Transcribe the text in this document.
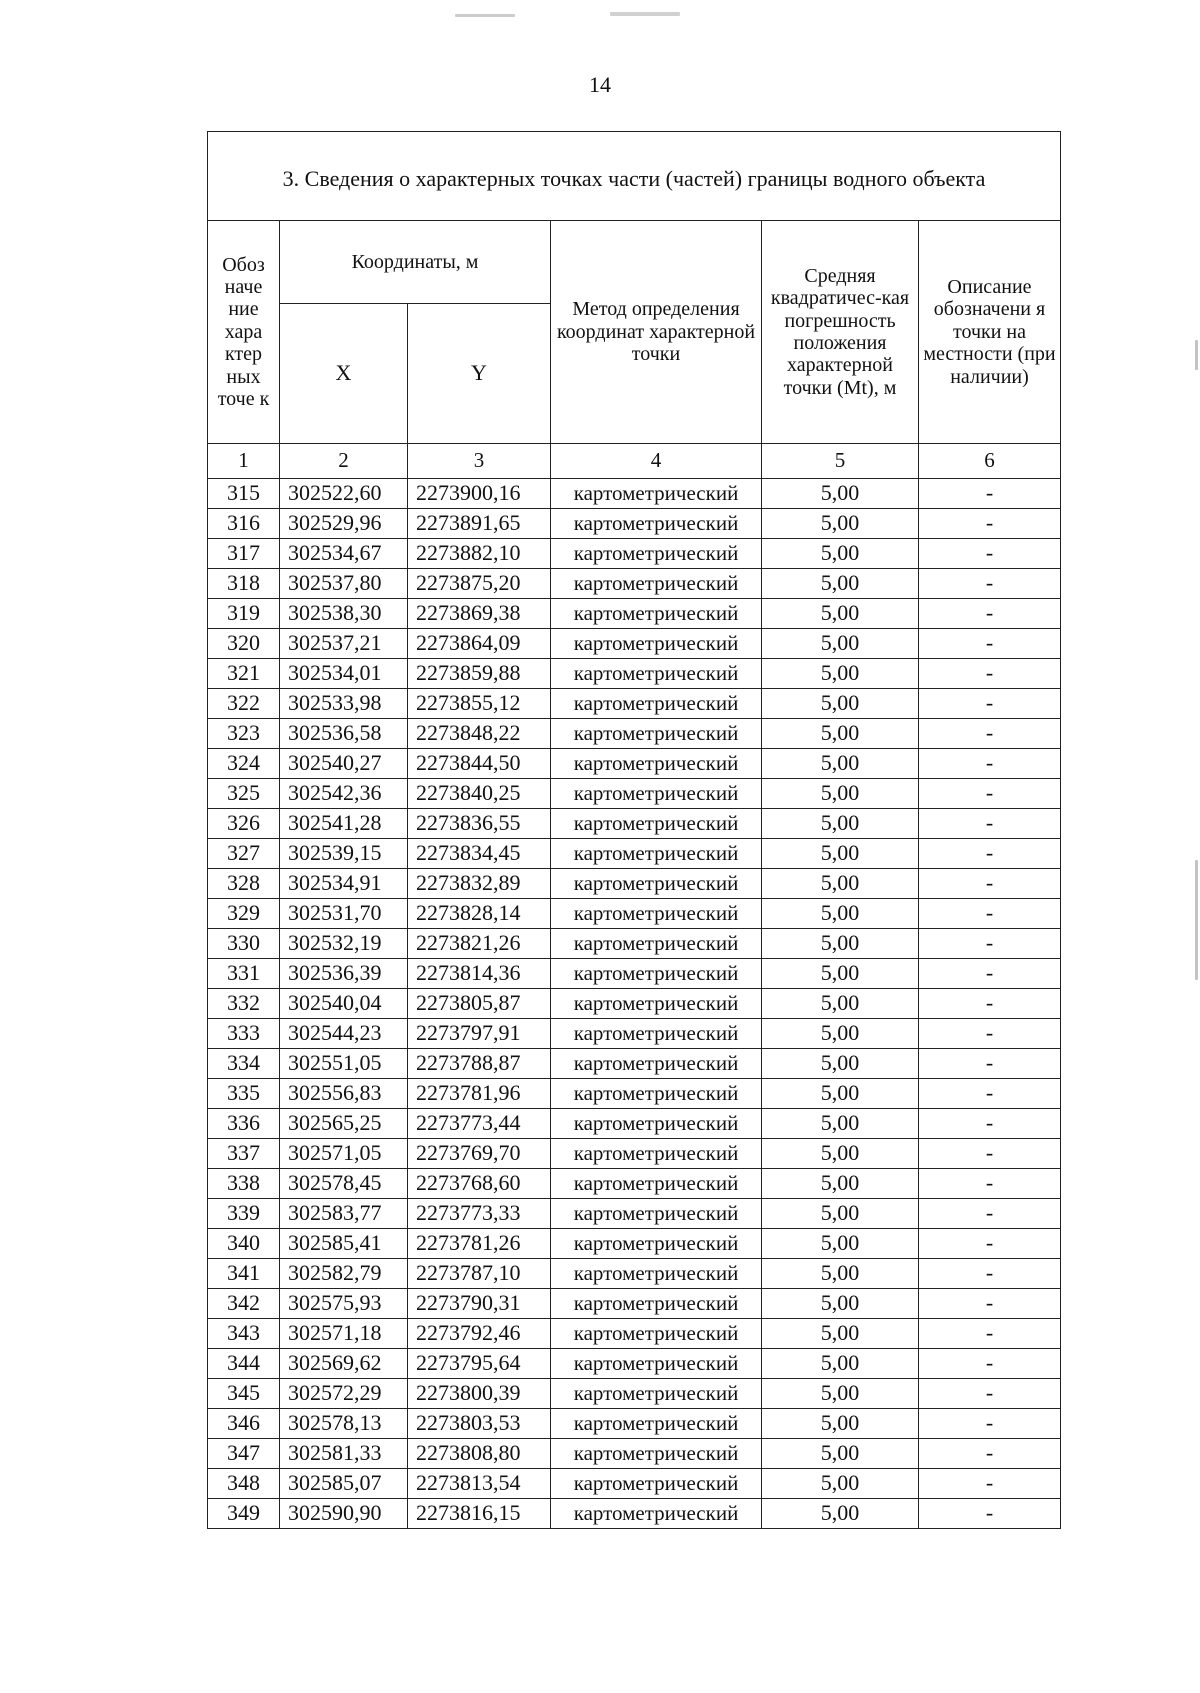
14
3. Сведения о характерных точках части (частей) границы водного объекта					
Обоз наче ние хара ктер ных точе к	Координаты, м		Метод определения координат характерной точки	Средняя квадратичес-кая погрешность положения характерной точки (Mt), м	Описание обозначени я точки на местности (при наличии)
	X	Y			
1	2	3	4	5	6
315	302522,60	2273900,16	картометрический	5,00	-
316	302529,96	2273891,65	картометрический	5,00	-
317	302534,67	2273882,10	картометрический	5,00	-
318	302537,80	2273875,20	картометрический	5,00	-
319	302538,30	2273869,38	картометрический	5,00	-
320	302537,21	2273864,09	картометрический	5,00	-
321	302534,01	2273859,88	картометрический	5,00	-
322	302533,98	2273855,12	картометрический	5,00	-
323	302536,58	2273848,22	картометрический	5,00	-
324	302540,27	2273844,50	картометрический	5,00	-
325	302542,36	2273840,25	картометрический	5,00	-
326	302541,28	2273836,55	картометрический	5,00	-
327	302539,15	2273834,45	картометрический	5,00	-
328	302534,91	2273832,89	картометрический	5,00	-
329	302531,70	2273828,14	картометрический	5,00	-
330	302532,19	2273821,26	картометрический	5,00	-
331	302536,39	2273814,36	картометрический	5,00	-
332	302540,04	2273805,87	картометрический	5,00	-
333	302544,23	2273797,91	картометрический	5,00	-
334	302551,05	2273788,87	картометрический	5,00	-
335	302556,83	2273781,96	картометрический	5,00	-
336	302565,25	2273773,44	картометрический	5,00	-
337	302571,05	2273769,70	картометрический	5,00	-
338	302578,45	2273768,60	картометрический	5,00	-
339	302583,77	2273773,33	картометрический	5,00	-
340	302585,41	2273781,26	картометрический	5,00	-
341	302582,79	2273787,10	картометрический	5,00	-
342	302575,93	2273790,31	картометрический	5,00	-
343	302571,18	2273792,46	картометрический	5,00	-
344	302569,62	2273795,64	картометрический	5,00	-
345	302572,29	2273800,39	картометрический	5,00	-
346	302578,13	2273803,53	картометрический	5,00	-
347	302581,33	2273808,80	картометрический	5,00	-
348	302585,07	2273813,54	картометрический	5,00	-
349	302590,90	2273816,15	картометрический	5,00	-
